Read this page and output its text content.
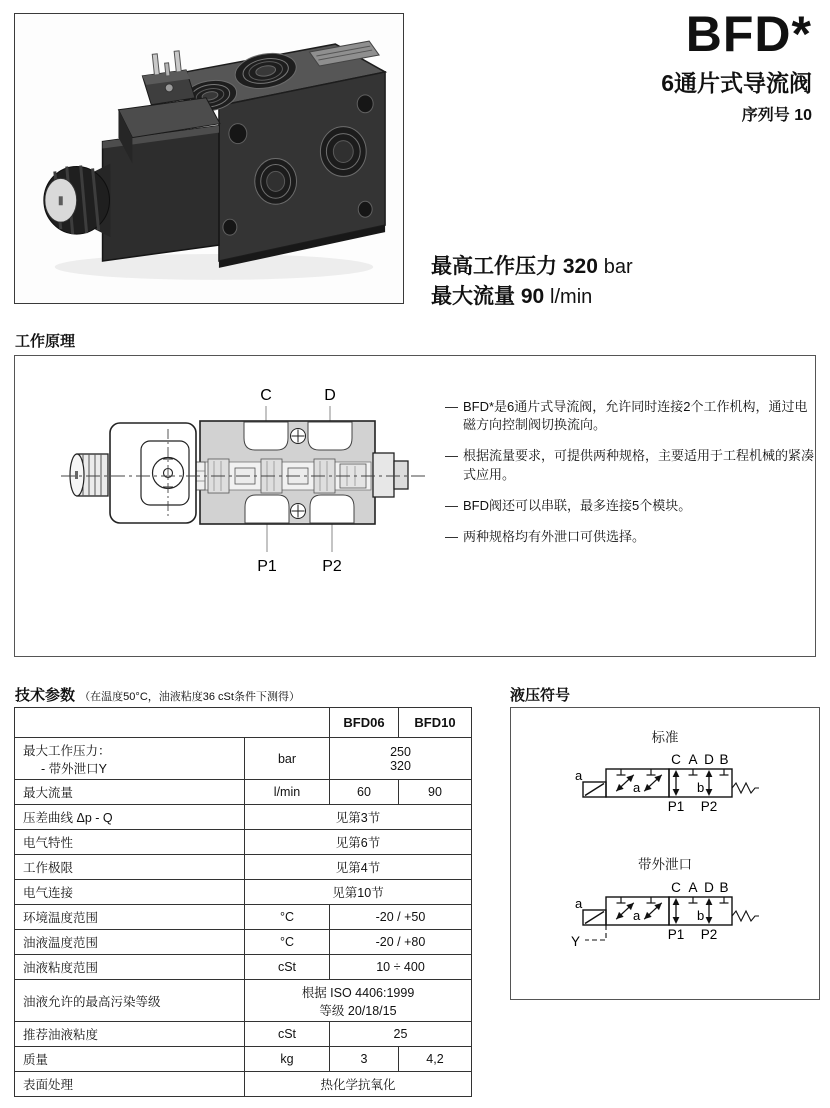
BFD*
6通片式导流阀
序列号 10
最高工作压力 320 bar
最大流量 90 l/min
工作原理
C	D
P1	P2
— BFD*是6通片式导流阀，允许同时连接2个工作机构，通过电磁方向控制阀切换流向。
— 根据流量要求，可提供两种规格，主要适用于工程机械的紧凑式应用。
— BFD阀还可以串联，最多连接5个模块。
— 两种规格均有外泄口可供选择。
技术参数 （在温度50°C，油液粘度36 cSt条件下测得）
		BFD06	BFD10

最大工作压力：
- 带外泄口Y
	bar	250
320

最大流量	l/min	60	90
压差曲线 Δp - Q	见第3节		
电气特性	见第6节		
工作极限	见第4节		
电气连接	见第10节		
环境温度范围	°C	-20 / +50	
油液温度范围	°C	-20 / +80	
油液粘度范围	cSt	10 ÷ 400	
油液允许的最高污染等级	根据 ISO 4406:1999
等级 20/18/15		

推荐油液粘度	cSt	25	
质量	kg	3	4,2
表面处理	热化学抗氧化		
液压符号
标准
a
a	b
C A D B
P1 P2
带外泄口
a
a	b
C A D B
P1 P2
Y
